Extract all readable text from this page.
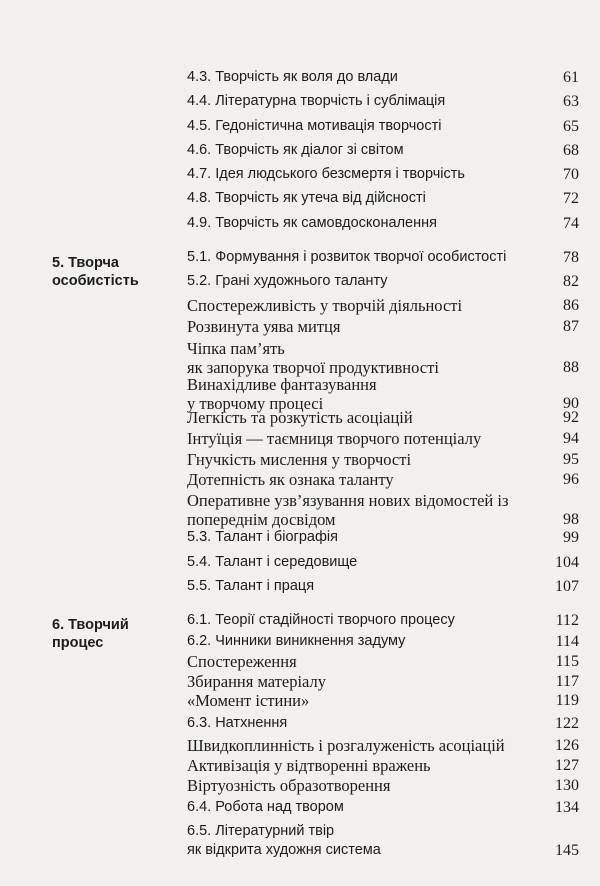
5. Творча
особистість
6. Творчий
процес
4.3. Творчість як воля до влади	61
4.4. Літературна творчість і сублімація	63
4.5. Гедоністична мотивація творчості	65
4.6. Творчість як діалог зі світом	68
4.7. Ідея людського безсмертя і творчість	70
4.8. Творчість як утеча від дійсності	72
4.9. Творчість як самовдосконалення	74
5.1. Формування і розвиток творчої особистості	78
5.2. Грані художнього таланту	82
Спостережливість у творчій діяльності	86
Розвинута уява митця	87
Чіпка пам’ять
як запорука творчої продуктивності	88
Винахідливе фантазування
у творчому процесі	90
Легкість та розкутість асоціацій	92
Інтуїція — таємниця творчого потенціалу	94
Гнучкість мислення у творчості	95
Дотепність як ознака таланту	96
Оперативне узв’язування нових відомостей із
попереднім досвідом	98
5.3. Талант і біографія	99
5.4. Талант і середовище	104
5.5. Талант і праця	107
6.1. Теорії стадійності творчого процесу	112
6.2. Чинники виникнення задуму	114
Спостереження	115
Збирання матеріалу	117
«Момент істини»	119
6.3. Натхнення	122
Швидкоплинність і розгалуженість асоціацій	126
Активізація у відтворенні вражень	127
Віртуозність образотворення	130
6.4. Робота над твором	134
6.5. Літературний твір
як відкрита художня система	145
